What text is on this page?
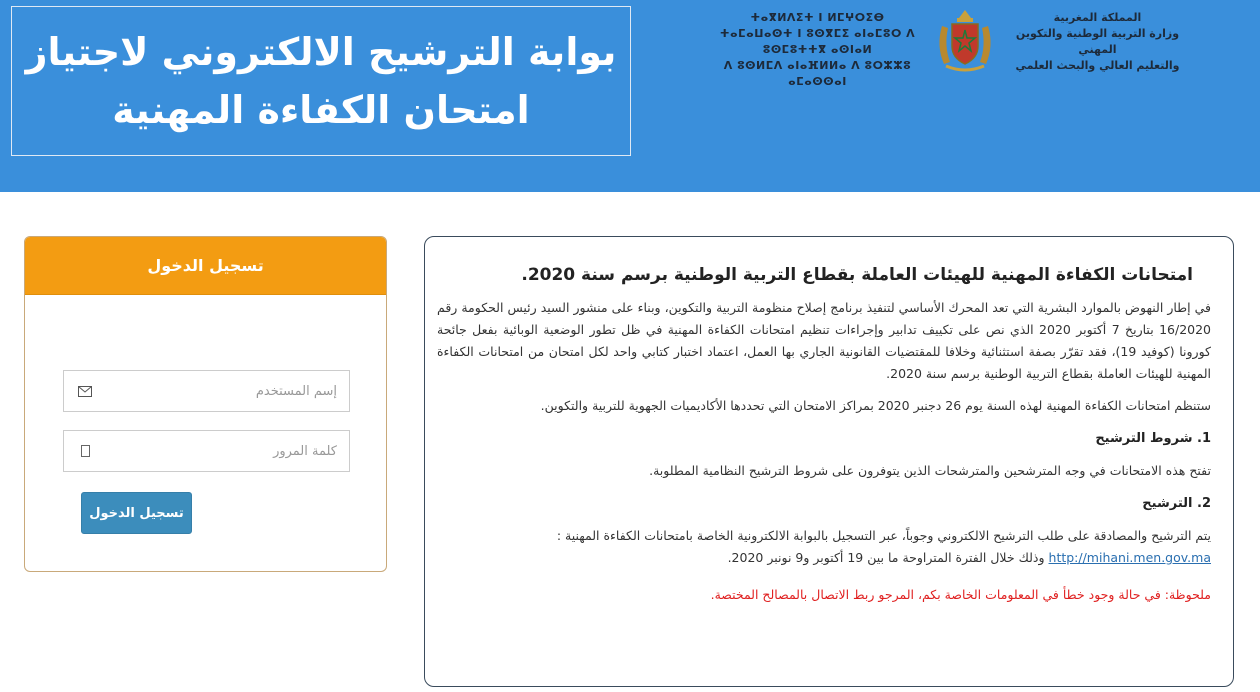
بوابة الترشيح الالكتروني لاجتياز
امتحان الكفاءة المهنية
ⵜⴰⴳⵍⴷⵉⵜ ⵏ ⵍⵎⵖⵔⵉⴱ
ⵜⴰⵎⴰⵡⴰⵙⵜ ⵏ ⵓⵙⴳⵎⵉ ⴰⵏⴰⵎⵓⵔ ⴷ ⵓⵙⵎⵓⵜⵜⴳ ⴰⵙⵏⴰⵍ
ⴷ ⵓⵙⵍⵎⴷ ⴰⵏⴰⴼⵍⵍⴰ ⴷ ⵓⵔⵣⵣⵓ ⴰⵎⴰⵙⵙⴰⵏ
المملكة المغربية
وزارة التربية الوطنية والتكوين المهني
والتعليم العالي والبحث العلمي
تسجيل الدخول
إسم المستخدم
كلمة المرور
تسجيل الدخول
امتحانات الكفاءة المهنية للهيئات العاملة بقطاع التربية الوطنية برسم سنة 2020.

في إطار النهوض بالموارد البشرية التي تعد المحرك الأساسي لتنفيذ برنامج إصلاح منظومة التربية والتكوين، وبناء على منشور السيد رئيس الحكومة رقم 16/2020 بتاريخ 7 أكتوبر 2020 الذي نص على تكييف تدابير وإجراءات تنظيم امتحانات الكفاءة المهنية في ظل تطور الوضعية الوبائية بفعل جائحة كورونا (كوفيد 19)، فقد تقرّر بصفة استثنائية وخلافا للمقتضيات القانونية الجاري بها العمل، اعتماد اختبار كتابي واحد لكل امتحان من امتحانات الكفاءة المهنية للهيئات العاملة بقطاع التربية الوطنية برسم سنة 2020.

ستنظم امتحانات الكفاءة المهنية لهذه السنة يوم 26 دجنبر 2020 بمراكز الامتحان التي تحددها الأكاديميات الجهوية للتربية والتكوين.

1. شروط الترشيح

تفتح هذه الامتحانات في وجه المترشحين والمترشحات الذين يتوفرون على شروط الترشيح النظامية المطلوبة.

2. الترشيح

يتم الترشيح والمصادقة على طلب الترشيح الالكتروني وجوباً، عبر التسجيل بالبوابة الالكترونية الخاصة بامتحانات الكفاءة المهنية :
http://mihani.men.gov.ma وذلك خلال الفترة المتراوحة ما بين 19 أكتوبر و9 نونبر 2020.

ملحوظة: في حالة وجود خطأ في المعلومات الخاصة بكم، المرجو ربط الاتصال بالمصالح المختصة.
